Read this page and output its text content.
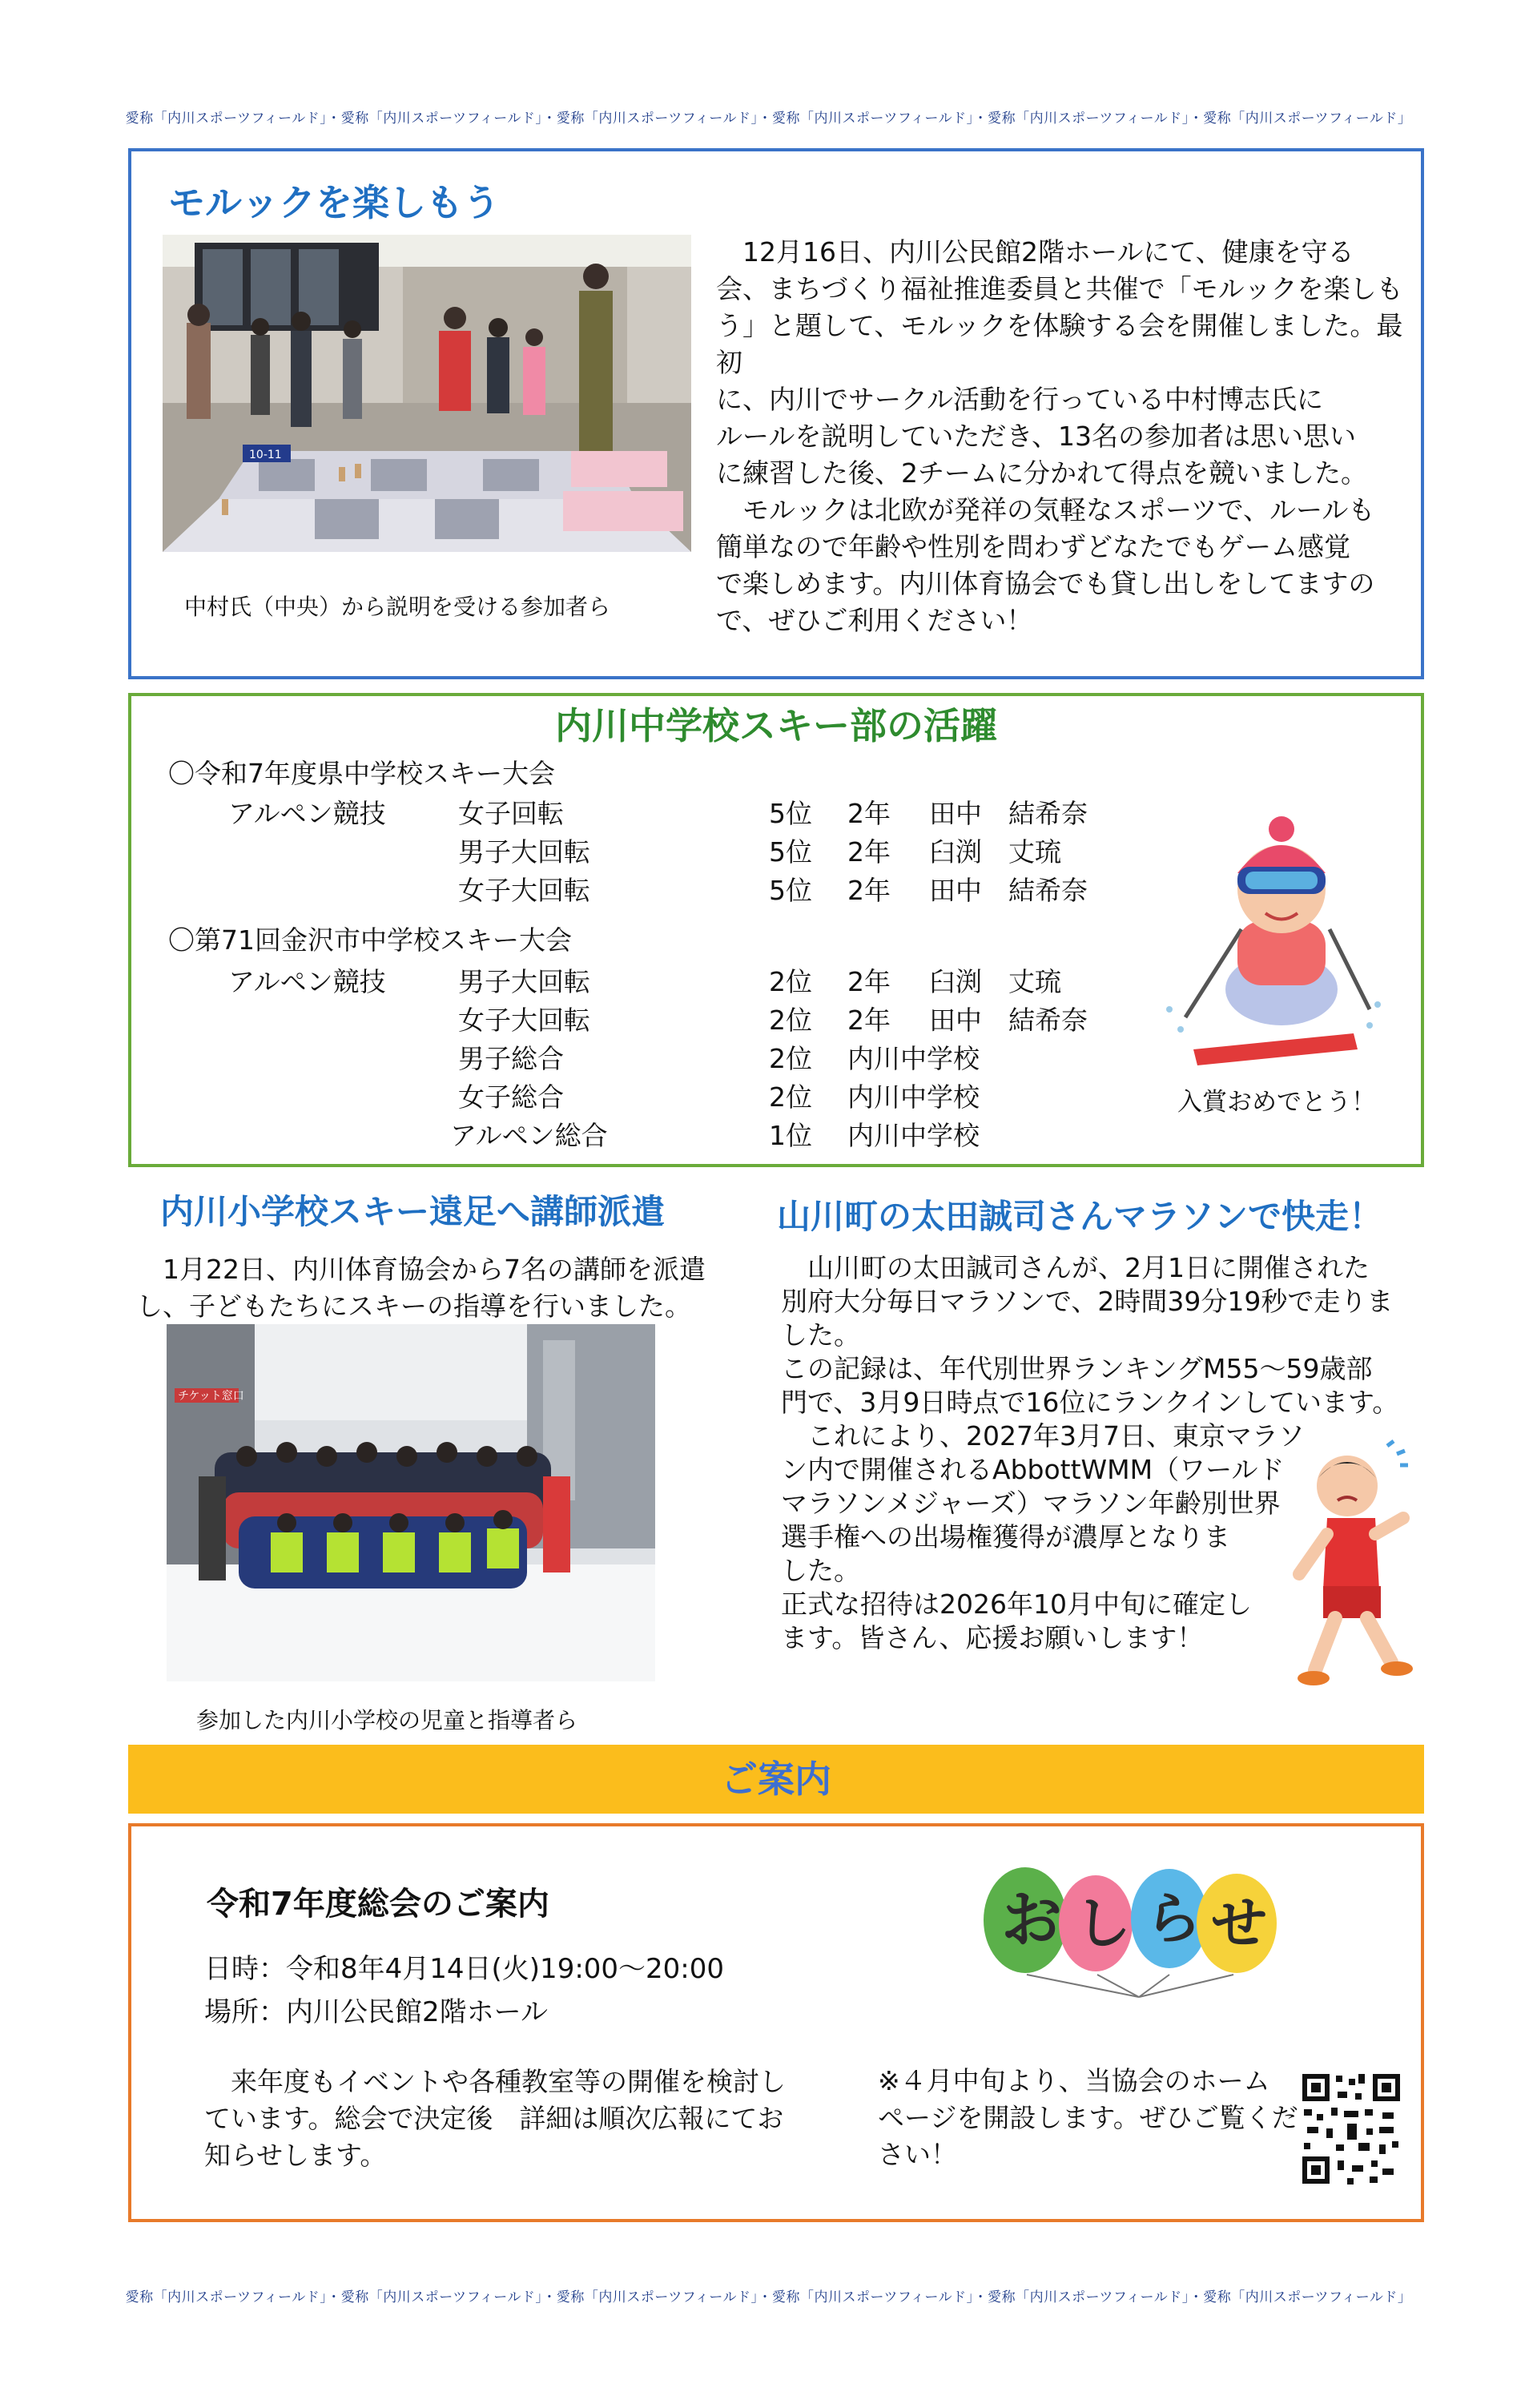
愛称「内川スポーツフィールド」・愛称「内川スポーツフィールド」・愛称「内川スポーツフィールド」・愛称「内川スポーツフィールド」・愛称「内川スポーツフィールド」・愛称「内川スポーツフィールド」
モルックを楽しもう
10-11
中村氏（中央）から説明を受ける参加者ら
　12月16日、内川公民館2階ホールにて、健康を守る
会、まちづくり福祉推進委員と共催で「モルックを楽しも
う」と題して、モルックを体験する会を開催しました。最初
に、内川でサークル活動を行っている中村博志氏に
ルールを説明していただき、13名の参加者は思い思い
に練習した後、2チームに分かれて得点を競いました。
　モルックは北欧が発祥の気軽なスポーツで、ルールも
簡単なので年齢や性別を問わずどなたでもゲーム感覚
で楽しめます。内川体育協会でも貸し出しをしてますの
で、ぜひご利用ください！
内川中学校スキー部の活躍
〇令和7年度県中学校スキー大会
アルペン競技	女子回転	5位 2年 田中　結希奈
男子大回転	5位 2年 臼渕　丈琉
女子大回転	5位 2年 田中　結希奈
〇第71回金沢市中学校スキー大会
アルペン競技	男子大回転	2位 2年 臼渕　丈琉
女子大回転	2位 2年 田中　結希奈
男子総合	2位 内川中学校
女子総合	2位 内川中学校
アルペン総合	1位 内川中学校
入賞おめでとう！
内川小学校スキー遠足へ講師派遣
　1月22日、内川体育協会から7名の講師を派遣
し、子どもたちにスキーの指導を行いました。
チケット窓口
参加した内川小学校の児童と指導者ら
山川町の太田誠司さんマラソンで快走！
　山川町の太田誠司さんが、2月1日に開催された
別府大分毎日マラソンで、2時間39分19秒で走りま
した。
この記録は、年代別世界ランキングM55～59歳部
門で、3月9日時点で16位にランクインしています。
　これにより、2027年3月7日、東京マラソ
ン内で開催されるAbbottWMM（ワールド
マラソンメジャーズ）マラソン年齢別世界
選手権への出場権獲得が濃厚となりま
した。
正式な招待は2026年10月中旬に確定し
ます。皆さん、応援お願いします！
ご案内
令和7年度総会のご案内
日時：令和8年4月14日(火)19:00～20:00
場所：内川公民館2階ホール
　来年度もイベントや各種教室等の開催を検討し
ています。総会で決定後　詳細は順次広報にてお
知らせします。
お し ら せ
※４月中旬より、当協会のホーム
ページを開設します。ぜひご覧くだ
さい！
愛称「内川スポーツフィールド」・愛称「内川スポーツフィールド」・愛称「内川スポーツフィールド」・愛称「内川スポーツフィールド」・愛称「内川スポーツフィールド」・愛称「内川スポーツフィールド」
